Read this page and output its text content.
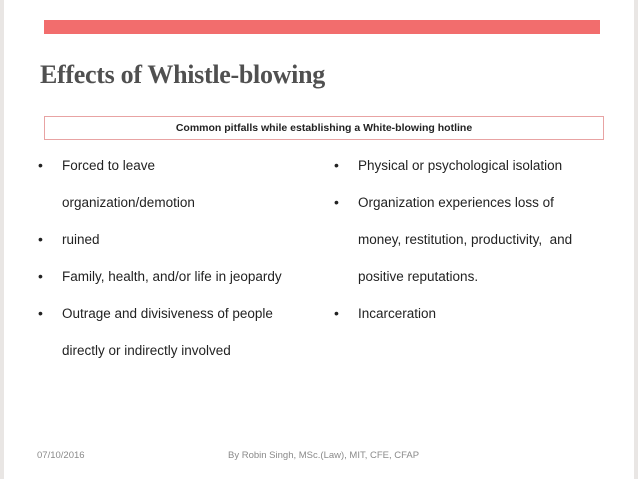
Effects of Whistle-blowing
Common pitfalls while establishing a White-blowing hotline
•	Forced to leave
organization/demotion
•	ruined
•	Family, health, and/or life in jeopardy
•	Outrage and divisiveness of people
directly or indirectly involved
•	Physical or psychological isolation
•	Organization experiences loss of
money, restitution, productivity,  and
positive reputations.
•	Incarceration
07/10/2016	By Robin Singh, MSc.(Law), MIT, CFE, CFAP
